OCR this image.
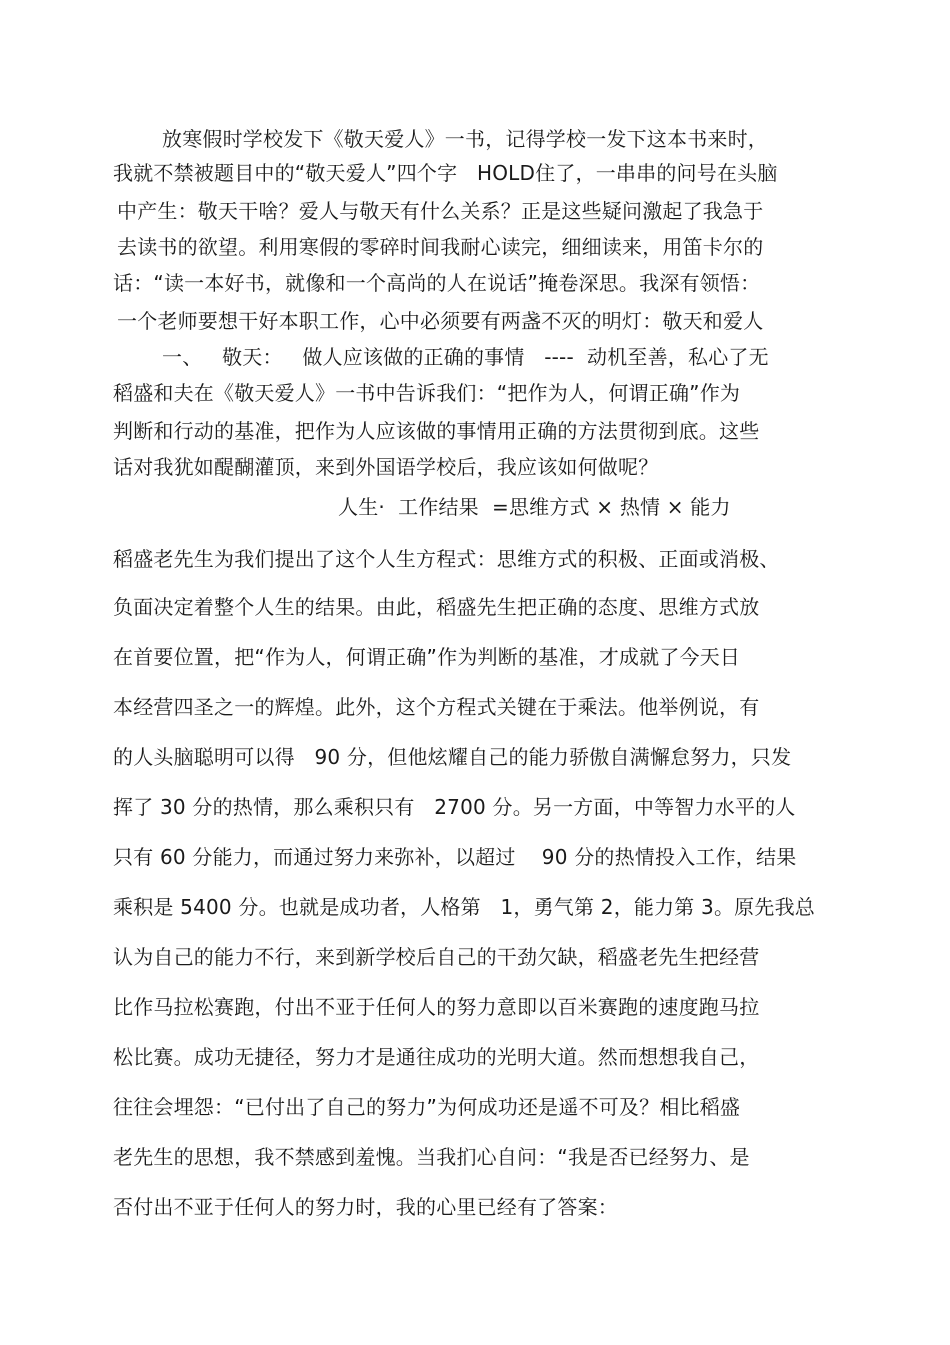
放寒假时学校发下《敬天爱人》一书，记得学校一发下这本书来时，
我就不禁被题目中的“敬天爱人”四个字   HOLD住了，一串串的问号在头脑
中产生：敬天干啥？爱人与敬天有什么关系？正是这些疑问激起了我急于
去读书的欲望。利用寒假的零碎时间我耐心读完，细细读来，用笛卡尔的
话：“读一本好书，就像和一个高尚的人在说话”掩卷深思。我深有领悟：
一个老师要想干好本职工作，心中必须要有两盏不灭的明灯：敬天和爱人
一、   敬天：   做人应该做的正确的事情   ----  动机至善，私心了无
稻盛和夫在《敬天爱人》一书中告诉我们：“把作为人，何谓正确”作为
判断和行动的基准，把作为人应该做的事情用正确的方法贯彻到底。这些
话对我犹如醍醐灌顶，来到外国语学校后，我应该如何做呢？
人生·  工作结果  =思维方式 × 热情 × 能力
稻盛老先生为我们提出了这个人生方程式：思维方式的积极、正面或消极、
负面决定着整个人生的结果。由此，稻盛先生把正确的态度、思维方式放
在首要位置，把“作为人，何谓正确”作为判断的基准，才成就了今天日
本经营四圣之一的辉煌。此外，这个方程式关键在于乘法。他举例说，有
的人头脑聪明可以得   90 分，但他炫耀自己的能力骄傲自满懈怠努力，只发
挥了 30 分的热情，那么乘积只有   2700 分。另一方面，中等智力水平的人
只有 60 分能力，而通过努力来弥补，以超过    90 分的热情投入工作，结果
乘积是 5400 分。也就是成功者，人格第   1，勇气第 2，能力第 3。原先我总
认为自己的能力不行，来到新学校后自己的干劲欠缺，稻盛老先生把经营
比作马拉松赛跑，付出不亚于任何人的努力意即以百米赛跑的速度跑马拉
松比赛。成功无捷径，努力才是通往成功的光明大道。然而想想我自己，
往往会埋怨：“已付出了自己的努力”为何成功还是遥不可及？相比稻盛
老先生的思想，我不禁感到羞愧。当我扪心自问：“我是否已经努力、是
否付出不亚于任何人的努力时，我的心里已经有了答案：
